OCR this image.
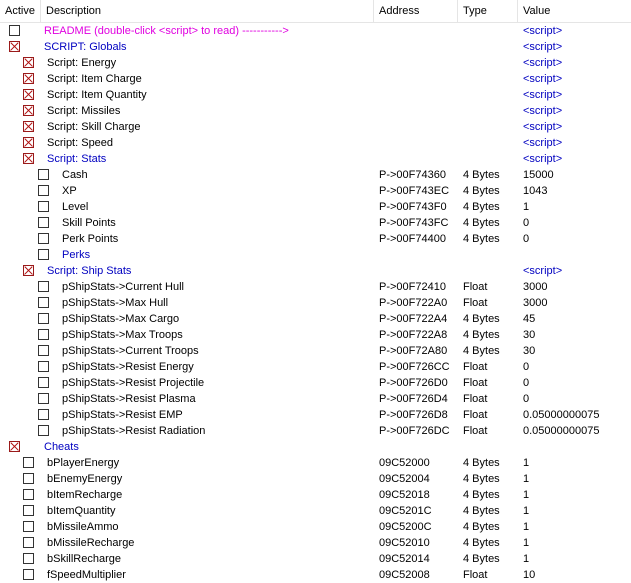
Active	Description	Address	Type	Value
README (double-click <script> to read) ----------->	<script>
SCRIPT: Globals	<script>
Script: Energy	<script>
Script: Item Charge	<script>
Script: Item Quantity	<script>
Script: Missiles	<script>
Script: Skill Charge	<script>
Script: Speed	<script>
Script: Stats	<script>
Cash	P->00F74360 4 Bytes 15000
XP	P->00F743EC 4 Bytes 1043
Level	P->00F743F0 4 Bytes 1
Skill Points	P->00F743FC 4 Bytes 0
Perk Points	P->00F74400 4 Bytes 0
Perks
Script: Ship Stats	<script>
pShipStats->Current Hull	P->00F72410 Float	3000
pShipStats->Max Hull	P->00F722A0 Float	3000
pShipStats->Max Cargo	P->00F722A4 4 Bytes 45
pShipStats->Max Troops	P->00F722A8 4 Bytes 30
pShipStats->Current Troops	P->00F72A80 4 Bytes 30
pShipStats->Resist Energy	P->00F726CC Float	0
pShipStats->Resist Projectile	P->00F726D0 Float	0
pShipStats->Resist Plasma	P->00F726D4 Float	0
pShipStats->Resist EMP	P->00F726D8 Float	0.05000000075
pShipStats->Resist Radiation	P->00F726DC Float	0.05000000075
Cheats
bPlayerEnergy	09C52000	4 Bytes 1
bEnemyEnergy	09C52004	4 Bytes 1
bItemRecharge	09C52018	4 Bytes 1
bItemQuantity	09C5201C	4 Bytes 1
bMissileAmmo	09C5200C	4 Bytes 1
bMissileRecharge	09C52010	4 Bytes 1
bSkillRecharge	09C52014	4 Bytes 1
fSpeedMultiplier	09C52008	Float	10
